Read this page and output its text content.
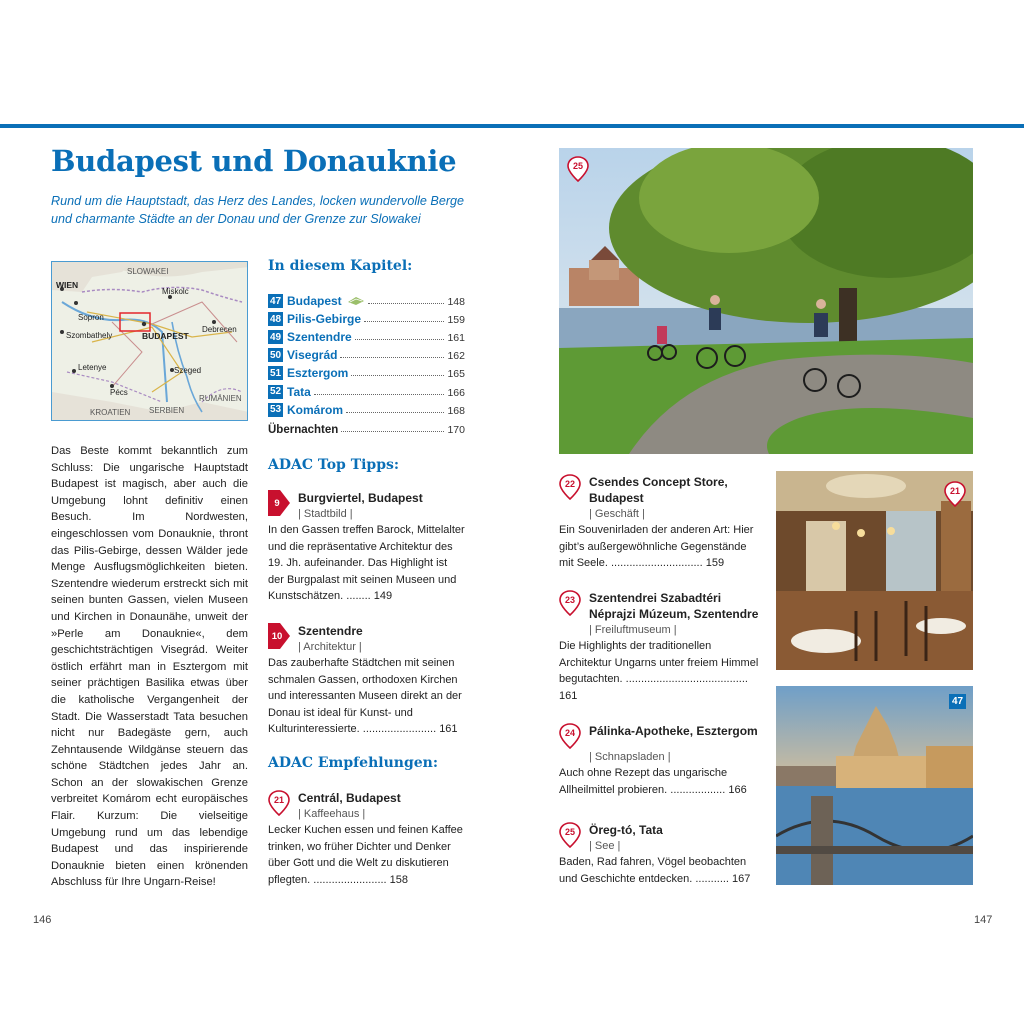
Budapest und Donauknie

Rund um die Hauptstadt, das Herz des Landes, locken wundervolle Berge und charmante Städte an der Donau und der Grenze zur Slowakei

SLOWAKEI
WIEN
Miskolc
Sopron
Szombathely	BUDAPEST
Debrecen
Letenye	Szeged
Pécs
KROATIEN SERBIEN
RUMÄNIEN

Das Beste kommt bekanntlich zum Schluss: Die ungarische Hauptstadt Budapest ist magisch, aber auch die Umgebung lohnt definitiv einen Besuch. Im Nordwesten, eingeschlossen vom Donauknie, thront das Pilis-Gebirge, dessen Wälder jede Menge Ausflugsmöglichkeiten bieten. Szentendre wiederum erstreckt sich mit seinen bunten Gassen, vielen Museen und Kirchen in Donaunähe, unweit der »Perle am Donauknie«, dem geschichtsträchtigen Visegrád. Weiter östlich erfährt man in Esztergom mit seiner prächtigen Basilika etwas über die katholische Vergangenheit der Stadt. Die Wasserstadt Tata besuchen nicht nur Badegäste gern, auch Zehntausende Wildgänse steuern das schöne Städtchen jedes Jahr an. Schon an der slowakischen Grenze verbreitet Komárom echt europäisches Flair. Kurzum: Die vielseitige Umgebung rund um das lebendige Budapest und das inspirierende Donauknie bieten einen krönenden Abschluss für Ihre Ungarn-Reise!

In diesem Kapitel:
47 Budapest	148
48 Pilis-Gebirge	159
49 Szentendre	161
50 Visegrád	162
51 Esztergom	165
52 Tata	166
53 Komárom	168
Übernachten	170
ADAC Top Tipps:
9	Burgviertel, Budapest
| Stadtbild |
In den Gassen treffen Barock, Mittelalter und die repräsentative Architektur des 19. Jh. aufeinander. Das Highlight ist der Burgpalast mit seinen Museen und Kunstschätzen. ........ 149
10	Szentendre
| Architektur |
Das zauberhafte Städtchen mit seinen schmalen Gassen, orthodoxen Kirchen und interessanten Museen direkt an der Donau ist ideal für Kunst- und Kulturinteressierte. ........................ 161
ADAC Empfehlungen:
21	Centrál, Budapest
| Kaffeehaus |
Lecker Kuchen essen und feinen Kaffee trinken, wo früher Dichter und Denker über Gott und die Welt zu diskutieren pflegten. ........................ 158
25
22	Csendes Concept Store, Budapest
| Geschäft |
Ein Souvenirladen der anderen Art: Hier gibt’s außergewöhnliche Gegenstände mit Seele. .............................. 159
23	Szentendrei Szabadtéri Néprajzi Múzeum, Szentendre
| Freiluftmuseum |
Die Highlights der traditionellen Architektur Ungarns unter freiem Himmel begutachten. ........................................ 161
24	Pálinka-Apotheke, Esztergom
| Schnapsladen |
Auch ohne Rezept das ungarische Allheilmittel probieren. .................. 166
25	Öreg-tó, Tata
| See |
Baden, Rad fahren, Vögel beobachten und Geschichte entdecken. ........... 167
21
47
146	147
